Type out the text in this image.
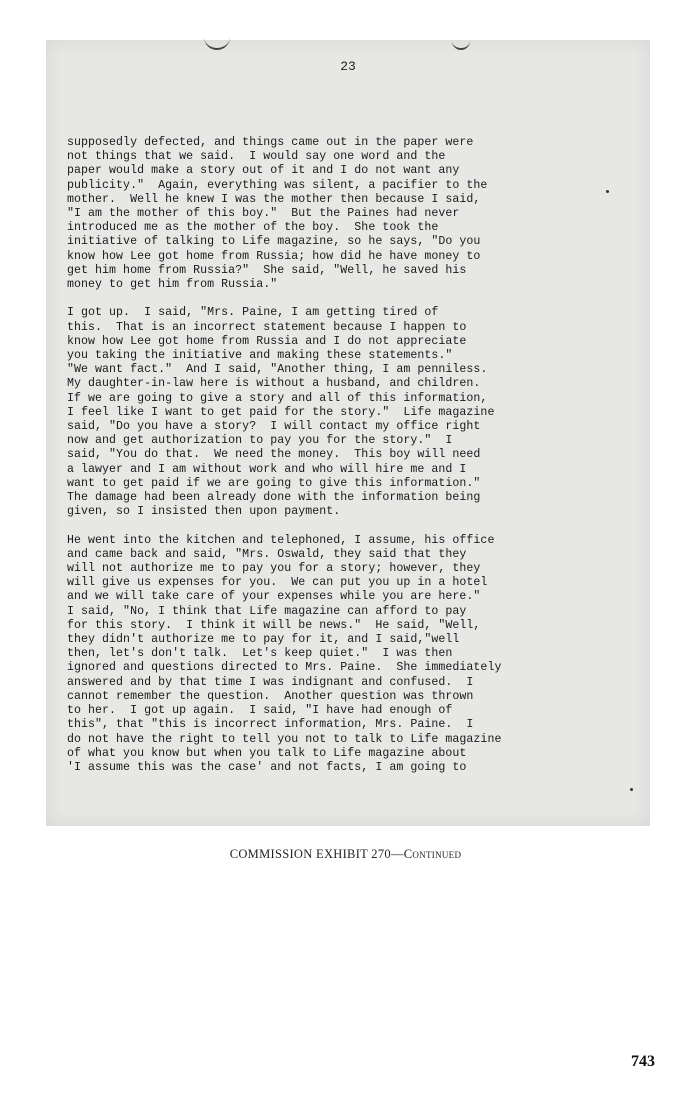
23
supposedly defected, and things came out in the paper were
not things that we said.  I would say one word and the
paper would make a story out of it and I do not want any
publicity."  Again, everything was silent, a pacifier to the
mother.  Well he knew I was the mother then because I said,
"I am the mother of this boy."  But the Paines had never
introduced me as the mother of the boy.  She took the
initiative of talking to Life magazine, so he says, "Do you
know how Lee got home from Russia; how did he have money to
get him home from Russia?"  She said, "Well, he saved his
money to get him from Russia."
I got up.  I said, "Mrs. Paine, I am getting tired of
this.  That is an incorrect statement because I happen to
know how Lee got home from Russia and I do not appreciate
you taking the initiative and making these statements."
"We want fact."  And I said, "Another thing, I am penniless.
My daughter-in-law here is without a husband, and children.
If we are going to give a story and all of this information,
I feel like I want to get paid for the story."  Life magazine
said, "Do you have a story?  I will contact my office right
now and get authorization to pay you for the story."  I
said, "You do that.  We need the money.  This boy will need
a lawyer and I am without work and who will hire me and I
want to get paid if we are going to give this information."
The damage had been already done with the information being
given, so I insisted then upon payment.
He went into the kitchen and telephoned, I assume, his office
and came back and said, "Mrs. Oswald, they said that they
will not authorize me to pay you for a story; however, they
will give us expenses for you.  We can put you up in a hotel
and we will take care of your expenses while you are here."
I said, "No, I think that Life magazine can afford to pay
for this story.  I think it will be news."  He said, "Well,
they didn't authorize me to pay for it, and I said,"well
then, let's don't talk.  Let's keep quiet."  I was then
ignored and questions directed to Mrs. Paine.  She immediately
answered and by that time I was indignant and confused.  I
cannot remember the question.  Another question was thrown
to her.  I got up again.  I said, "I have had enough of
this", that "this is incorrect information, Mrs. Paine.  I
do not have the right to tell you not to talk to Life magazine
of what you know but when you talk to Life magazine about
'I assume this was the case' and not facts, I am going to
COMMISSION EXHIBIT 270—Continued
743
